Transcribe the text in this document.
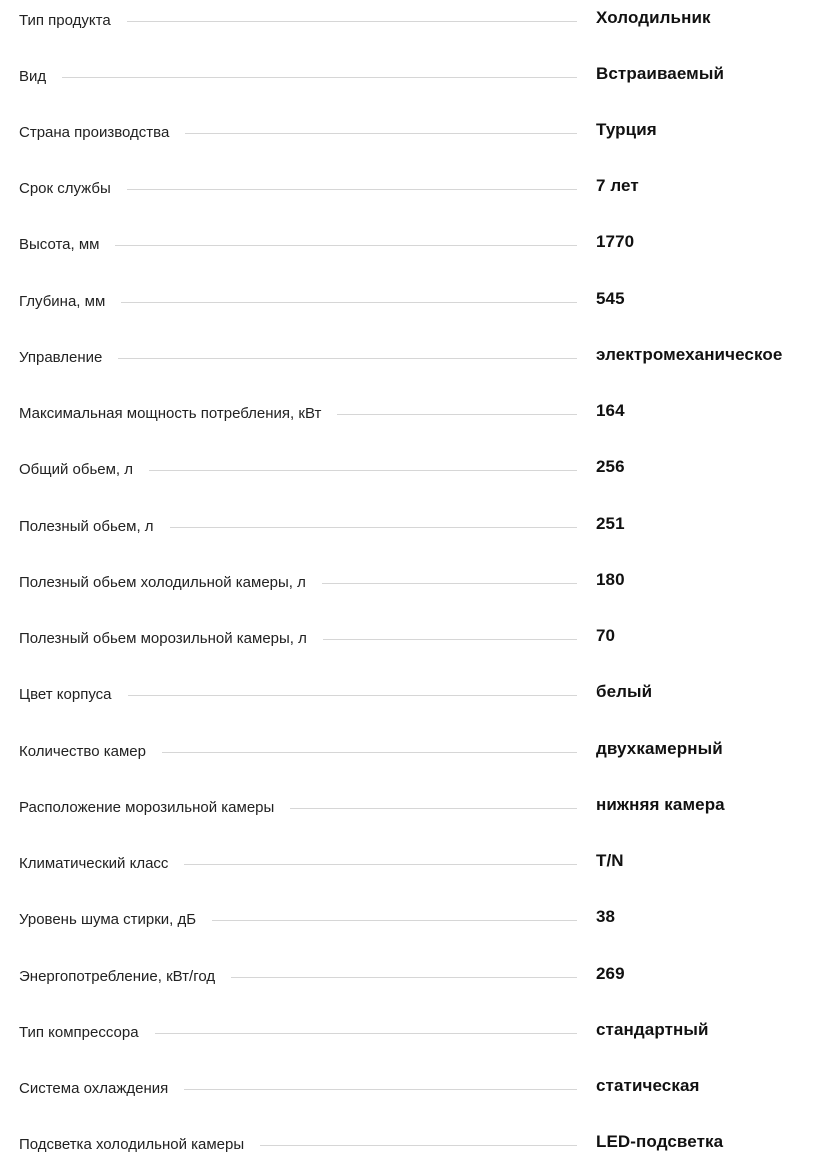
Тип продукта	Холодильник
Вид	Встраиваемый
Страна производства	Турция
Срок службы	7 лет
Высота, мм	1770
Глубина, мм	545
Управление	электромеханическое
Максимальная мощность потребления, кВт	164
Общий обьем, л	256
Полезный обьем, л	251
Полезный обьем холодильной камеры, л	180
Полезный обьем морозильной камеры, л	70
Цвет корпуса	белый
Количество камер	двухкамерный
Расположение морозильной камеры	нижняя камера
Климатический класс	T/N
Уровень шума стирки, дБ	38
Энергопотребление, кВт/год	269
Тип компрессора	стандартный
Система охлаждения	статическая
Подсветка холодильной камеры	LED-подсветка
